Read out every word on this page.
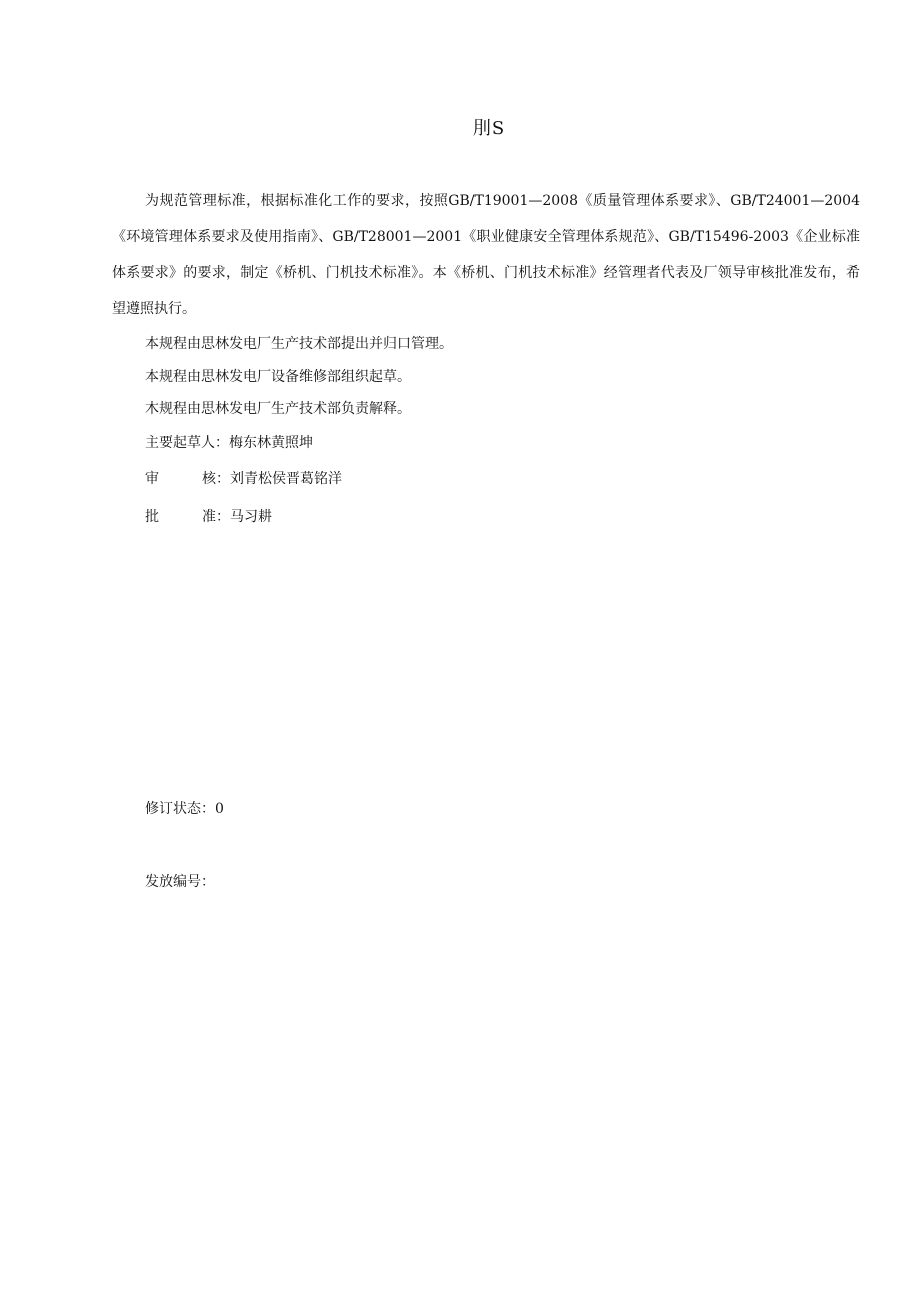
刖S

为规范管理标准，根据标准化工作的要求，按照GB/T19001—2008《质量管理体系要求》、GB/T24001—2004《环境管理体系要求及使用指南》、GB/T28001—2001《职业健康安全管理体系规范》、GB/T15496-2003《企业标准体系要求》的要求，制定《桥机、门机技术标准》。本《桥机、门机技术标准》经管理者代表及厂领导审核批准发布，希望遵照执行。

本规程由思林发电厂生产技术部提出并归口管理。

本规程由思林发电厂设备维修部组织起草。

木规程由思林发电厂生产技术部负责解释。

主要起草人：梅东林黄照坤

审	核：刘青松侯晋葛铭洋

批	准：马习耕

修订状态：0

发放编号：
